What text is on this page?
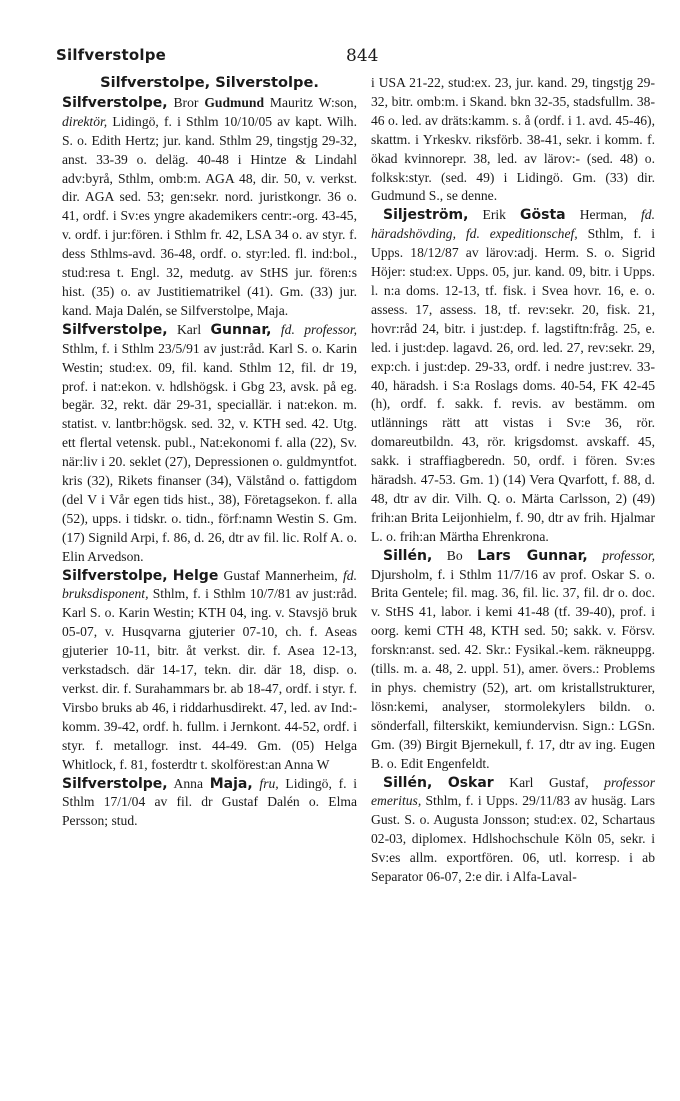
Silfverstolpe	844
Silfverstolpe, Silverstolpe.

Silfverstolpe, Bror Gudmund Mauritz W:son, direktör, Lidingö, f. i Sthlm 10/10/05 av kapt. Wilh. S. o. Edith Hertz; jur. kand. Sthlm 29, tingstjg 29-32, anst. 33-39 o. deläg. 40-48 i Hintze & Lindahl adv:byrå, Sthlm, omb:m. AGA 48, dir. 50, v. verkst. dir. AGA sed. 53; gen:sekr. nord. juristkongr. 36 o. 41, ordf. i Sv:es yngre akademikers centr:-org. 43-45, v. ordf. i jur:fören. i Sthlm fr. 42, LSA 34 o. av styr. f. dess Sthlms-avd. 36-48, ordf. o. styr:led. fl. ind:bol., stud:resa t. Engl. 32, medutg. av StHS jur. fören:s hist. (35) o. av Justitiematrikel (41). Gm. (33) jur. kand. Maja Dalén, se Silfverstolpe, Maja.

Silfverstolpe, Karl Gunnar, fd. professor, Sthlm, f. i Sthlm 23/5/91 av just:råd. Karl S. o. Karin Westin; stud:ex. 09, fil. kand. Sthlm 12, fil. dr 19, prof. i nat:ekon. v. hdlshögsk. i Gbg 23, avsk. på eg. begär. 32, rekt. där 29-31, speciallär. i nat:ekon. m. statist. v. lantbr:högsk. sed. 32, v. KTH sed. 42. Utg. ett flertal vetensk. publ., Nat:ekonomi f. alla (22), Sv. när:liv i 20. seklet (27), Depressionen o. guldmyntfot. kris (32), Rikets finanser (34), Välstånd o. fattigdom (del V i Vår egen tids hist., 38), Företagsekon. f. alla (52), upps. i tidskr. o. tidn., förf:namn Westin S. Gm. (17) Signild Arpi, f. 86, d. 26, dtr av fil. lic. Rolf A. o. Elin Arvedson.

Silfverstolpe, Helge Gustaf Mannerheim, fd. bruksdisponent, Sthlm, f. i Sthlm 10/7/81 av just:råd. Karl S. o. Karin Westin; KTH 04, ing. v. Stavsjö bruk 05-07, v. Husqvarna gjuterier 07-10, ch. f. Aseas gjuterier 10-11, bitr. åt verkst. dir. f. Asea 12-13, verkstadsch. där 14-17, tekn. dir. där 18, disp. o. verkst. dir. f. Surahammars br. ab 18-47, ordf. i styr. f. Virsbo bruks ab 46, i riddarhusdirekt. 47, led. av Ind:-komm. 39-42, ordf. h. fullm. i Jernkont. 44-52, ordf. i styr. f. metallogr. inst. 44-49. Gm. (05) Helga Whitlock, f. 81, fosterdtr t. skolförest:an Anna W

Silfverstolpe, Anna Maja, fru, Lidingö, f. i Sthlm 17/1/04 av fil. dr Gustaf Dalén o. Elma Persson; stud.

i USA 21-22, stud:ex. 23, jur. kand. 29, tingstjg 29-32, bitr. omb:m. i Skand. bkn 32-35, stadsfullm. 38-46 o. led. av dräts:kamm. s. å (ordf. i 1. avd. 45-46), skattm. i Yrkeskv. riksförb. 38-41, sekr. i komm. f. ökad kvinnorepr. 38, led. av lärov:- (sed. 48) o. folksk:styr. (sed. 49) i Lidingö. Gm. (33) dir. Gudmund S., se denne.

Siljeström, Erik Gösta Herman, fd. häradshövding, fd. expeditionschef, Sthlm, f. i Upps. 18/12/87 av lärov:adj. Herm. S. o. Sigrid Höjer: stud:ex. Upps. 05, jur. kand. 09, bitr. i Upps. l. n:a doms. 12-13, tf. fisk. i Svea hovr. 16, e. o. assess. 17, assess. 18, tf. rev:sekr. 20, fisk. 21, hovr:råd 24, bitr. i just:dep. f. lagstiftn:fråg. 25, e. led. i just:dep. lagavd. 26, ord. led. 27, rev:sekr. 29, exp:ch. i just:dep. 29-33, ordf. i nedre just:rev. 33-40, häradsh. i S:a Roslags doms. 40-54, FK 42-45 (h), ordf. f. sakk. f. revis. av bestämm. om utlännings rätt att vistas i Sv:e 36, rör. domareutbildn. 43, rör. krigsdomst. avskaff. 45, sakk. i straffiagberedn. 50, ordf. i fören. Sv:es häradsh. 47-53. Gm. 1) (14) Vera Qvarfott, f. 88, d. 48, dtr av dir. Vilh. Q. o. Märta Carlsson, 2) (49) frih:an Brita Leijonhielm, f. 90, dtr av frih. Hjalmar L. o. frih:an Märtha Ehrenkrona.

Sillén, Bo Lars Gunnar, professor, Djursholm, f. i Sthlm 11/7/16 av prof. Oskar S. o. Brita Gentele; fil. mag. 36, fil. lic. 37, fil. dr o. doc. v. StHS 41, labor. i kemi 41-48 (tf. 39-40), prof. i oorg. kemi CTH 48, KTH sed. 50; sakk. v. Försv. forskn:anst. sed. 42. Skr.: Fysikal.-kem. räkneuppg. (tills. m. a. 48, 2. uppl. 51), amer. övers.: Problems in phys. chemistry (52), art. om kristallstrukturer, lösn:kemi, analyser, stormolekylers bildn. o. sönderfall, filterskikt, kemiundervisn. Sign.: LGSn. Gm. (39) Birgit Bjernekull, f. 17, dtr av ing. Eugen B. o. Edit Engenfeldt.

Sillén, Oskar Karl Gustaf, professor emeritus, Sthlm, f. i Upps. 29/11/83 av husäg. Lars Gust. S. o. Augusta Jonsson; stud:ex. 02, Schartaus 02-03, diplomex. Hdlshochschule Köln 05, sekr. i Sv:es allm. exportfören. 06, utl. korresp. i ab Separator 06-07, 2:e dir. i Alfa-Laval-
